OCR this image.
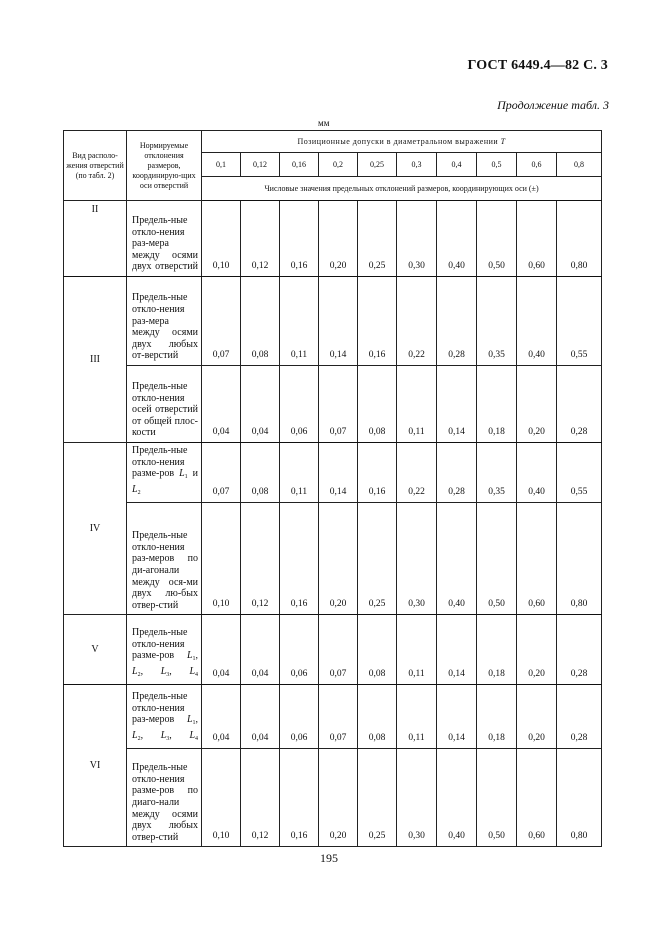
ГОСТ 6449.4—82 С. 3
Продолжение табл. 3
мм
Вид располо-жения отверстий (по табл. 2)	Нормируемые отклонения размеров, координирую-щих оси отверстий	Позиционные допуски в диаметральном выражении T									
		0,1	0,12	0,16	0,2	0,25	0,3	0,4	0,5	0,6	0,8
		Числовые значения предельных отклонений размеров, координирующих оси (±)									
II	Предель-ные откло-нения раз-мера между осями двух отверстий	0,10	0,12	0,16	0,20	0,25	0,30	0,40	0,50	0,60	0,80
III	Предель-ные откло-нения раз-мера между осями двух любых от-верстий	0,07	0,08	0,11	0,14	0,16	0,22	0,28	0,35	0,40	0,55
	Предель-ные откло-нения осей отверстий от общей плос-кости	0,04	0,04	0,06	0,07	0,08	0,11	0,14	0,18	0,20	0,28
IV	Предель-ные откло-нения разме-ров $L_1$ и $L_2$	0,07	0,08	0,11	0,14	0,16	0,22	0,28	0,35	0,40	0,55
	Предель-ные откло-нения раз-меров по ди-агонали между ося-ми двух лю-бых отвер-стий	0,10	0,12	0,16	0,20	0,25	0,30	0,40	0,50	0,60	0,80
V	Предель-ные откло-нения разме-ров $L_1$, $L_2$, $L_3$, $L_4$	0,04	0,04	0,06	0,07	0,08	0,11	0,14	0,18	0,20	0,28
VI	Предель-ные откло-нения раз-меров $L_1$, $L_2$, $L_3$, $L_4$	0,04	0,04	0,06	0,07	0,08	0,11	0,14	0,18	0,20	0,28
	Предель-ные откло-нения разме-ров по диаго-нали между осями двух любых отвер-стий	0,10	0,12	0,16	0,20	0,25	0,30	0,40	0,50	0,60	0,80
195
